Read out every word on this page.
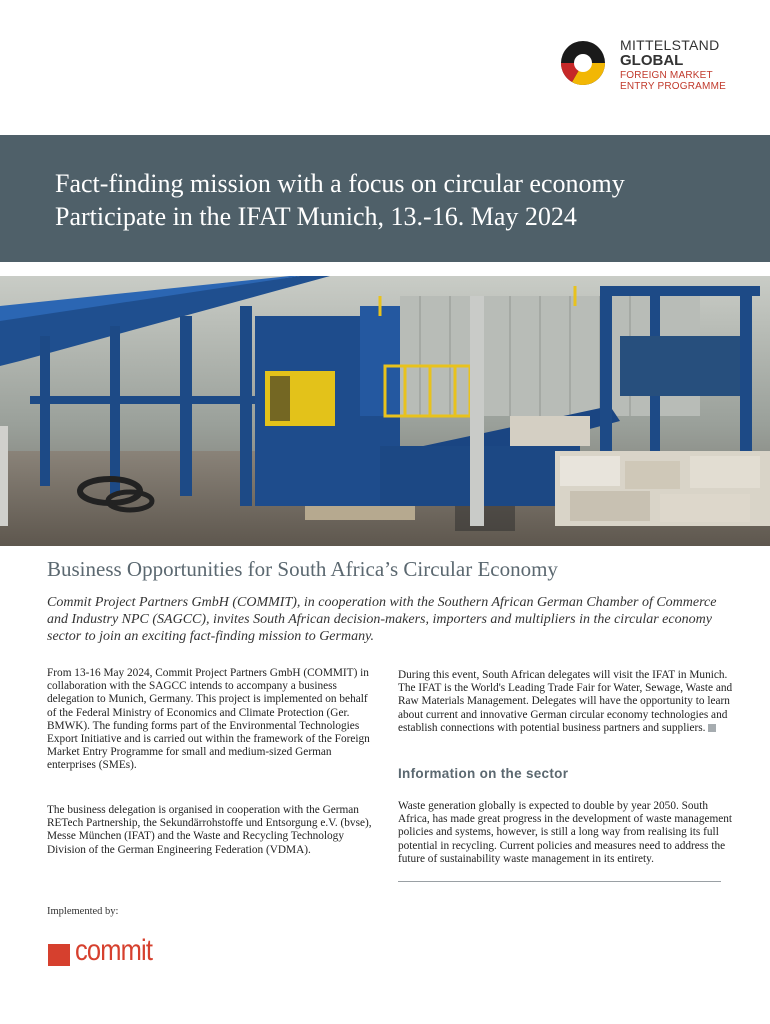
MITTELSTAND
GLOBAL
FOREIGN MARKET
ENTRY PROGRAMME
Fact-finding mission with a focus on circular economy
Participate in the IFAT Munich, 13.-16. May 2024
Business Opportunities for South Africa’s Circular Economy
Commit Project Partners GmbH (COMMIT), in cooperation with the Southern African German Chamber of Commerce and Industry NPC (SAGCC), invites South African decision-makers, importers and multipliers in the circular economy sector to join an exciting fact-finding mission to Germany.
From 13-16 May 2024, Commit Project Partners GmbH (COMMIT) in collaboration with the SAGCC intends to accompany a business delegation to Munich, Germany. This project is implemented on behalf of the Federal Ministry of Economics and Climate Protection (Ger. BMWK). The funding forms part of the Environmental Technologies Export Initiative and is carried out within the framework of the Foreign Market Entry Programme for small and medium-sized German enterprises (SMEs).
The business delegation is organised in cooperation with the German RETech Partnership, the Sekundärrohstoffe und Entsorgung e.V. (bvse), Messe München (IFAT) and the Waste and Recycling Technology Division of the German Engineering Federation (VDMA).
During this event, South African delegates will visit the IFAT in Munich. The IFAT is the World's Leading Trade Fair for Water, Sewage, Waste and Raw Materials Management. Delegates will have the opportunity to learn about current and innovative German circular economy technologies and establish connections with potential business partners and suppliers.
Information on the sector
Waste generation globally is expected to double by year 2050. South Africa, has made great progress in the development of waste management policies and systems, however, is still a long way from realising its full potential in recycling. Current policies and measures need to address the future of sustainability waste management in its entirety.
Implemented by:
commit
